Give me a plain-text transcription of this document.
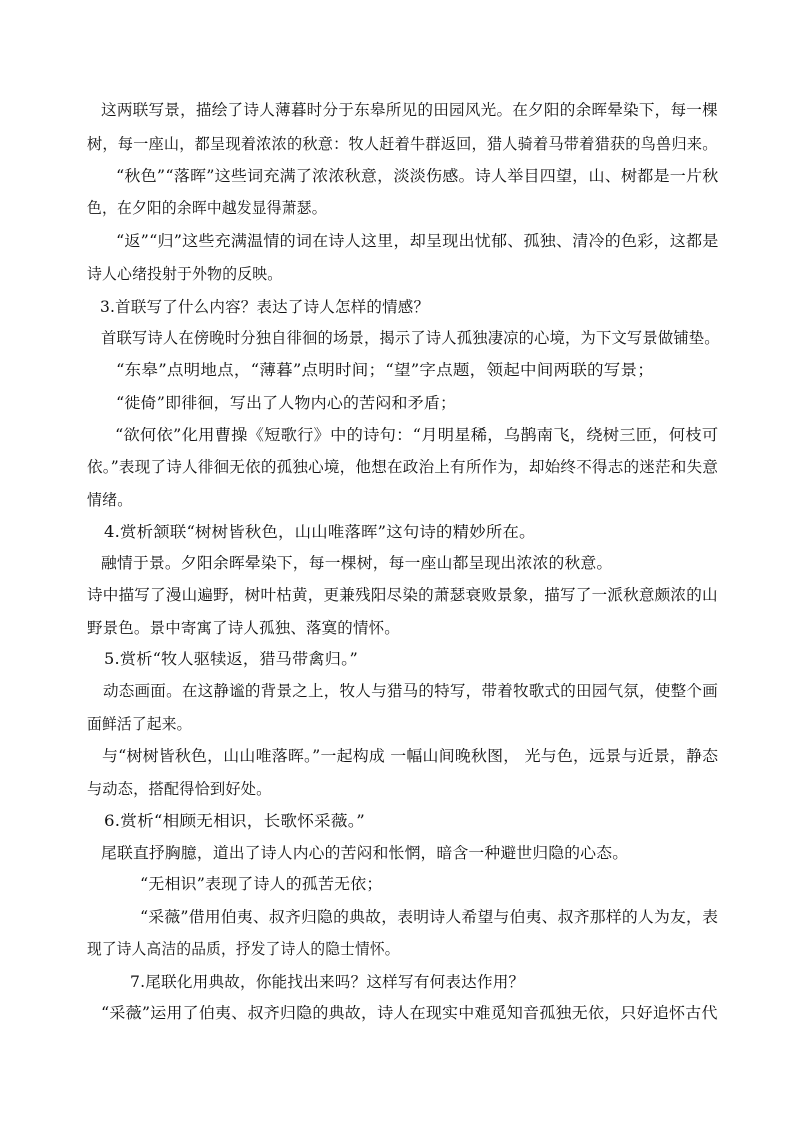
这两联写景，描绘了诗人薄暮时分于东皋所见的田园风光。在夕阳的余晖晕染下，每一棵
树，每一座山，都呈现着浓浓的秋意：牧人赶着牛群返回，猎人骑着马带着猎获的鸟兽归来。
“秋色”“落晖”这些词充满了浓浓秋意，淡淡伤感。诗人举目四望，山、树都是一片秋
色，在夕阳的余晖中越发显得萧瑟。
“返”“归”这些充满温情的词在诗人这里，却呈现出忧郁、孤独、清冷的色彩，这都是
诗人心绪投射于外物的反映。
3.首联写了什么内容？表达了诗人怎样的情感？
首联写诗人在傍晚时分独自徘徊的场景，揭示了诗人孤独凄凉的心境，为下文写景做铺垫。
“东皋”点明地点，“薄暮”点明时间；“望”字点题，领起中间两联的写景；
“徙倚”即徘徊，写出了人物内心的苦闷和矛盾；
“欲何依”化用曹操《短歌行》中的诗句：“月明星稀，乌鹊南飞，绕树三匝，何枝可
依。”表现了诗人徘徊无依的孤独心境，他想在政治上有所作为，却始终不得志的迷茫和失意
情绪。
4.赏析颔联“树树皆秋色，山山唯落晖”这句诗的精妙所在。
融情于景。夕阳余晖晕染下，每一棵树，每一座山都呈现出浓浓的秋意。
诗中描写了漫山遍野，树叶枯黄，更兼残阳尽染的萧瑟衰败景象，描写了一派秋意颇浓的山
野景色。景中寄寓了诗人孤独、落寞的情怀。
5.赏析“牧人驱犊返，猎马带禽归。”
动态画面。在这静谧的背景之上，牧人与猎马的特写，带着牧歌式的田园气氛，使整个画
面鲜活了起来。
与“树树皆秋色，山山唯落晖。”一起构成 一幅山间晚秋图， 光与色，远景与近景，静态
与动态，搭配得恰到好处。
6.赏析“相顾无相识，长歌怀采薇。”
尾联直抒胸臆，道出了诗人内心的苦闷和怅惘，暗含一种避世归隐的心态。
“无相识”表现了诗人的孤苦无依；
“采薇”借用伯夷、叔齐归隐的典故，表明诗人希望与伯夷、叔齐那样的人为友，表
现了诗人高洁的品质，抒发了诗人的隐士情怀。
7.尾联化用典故，你能找出来吗？这样写有何表达作用？
“采薇”运用了伯夷、叔齐归隐的典故，诗人在现实中难觅知音孤独无依，只好追怀古代
